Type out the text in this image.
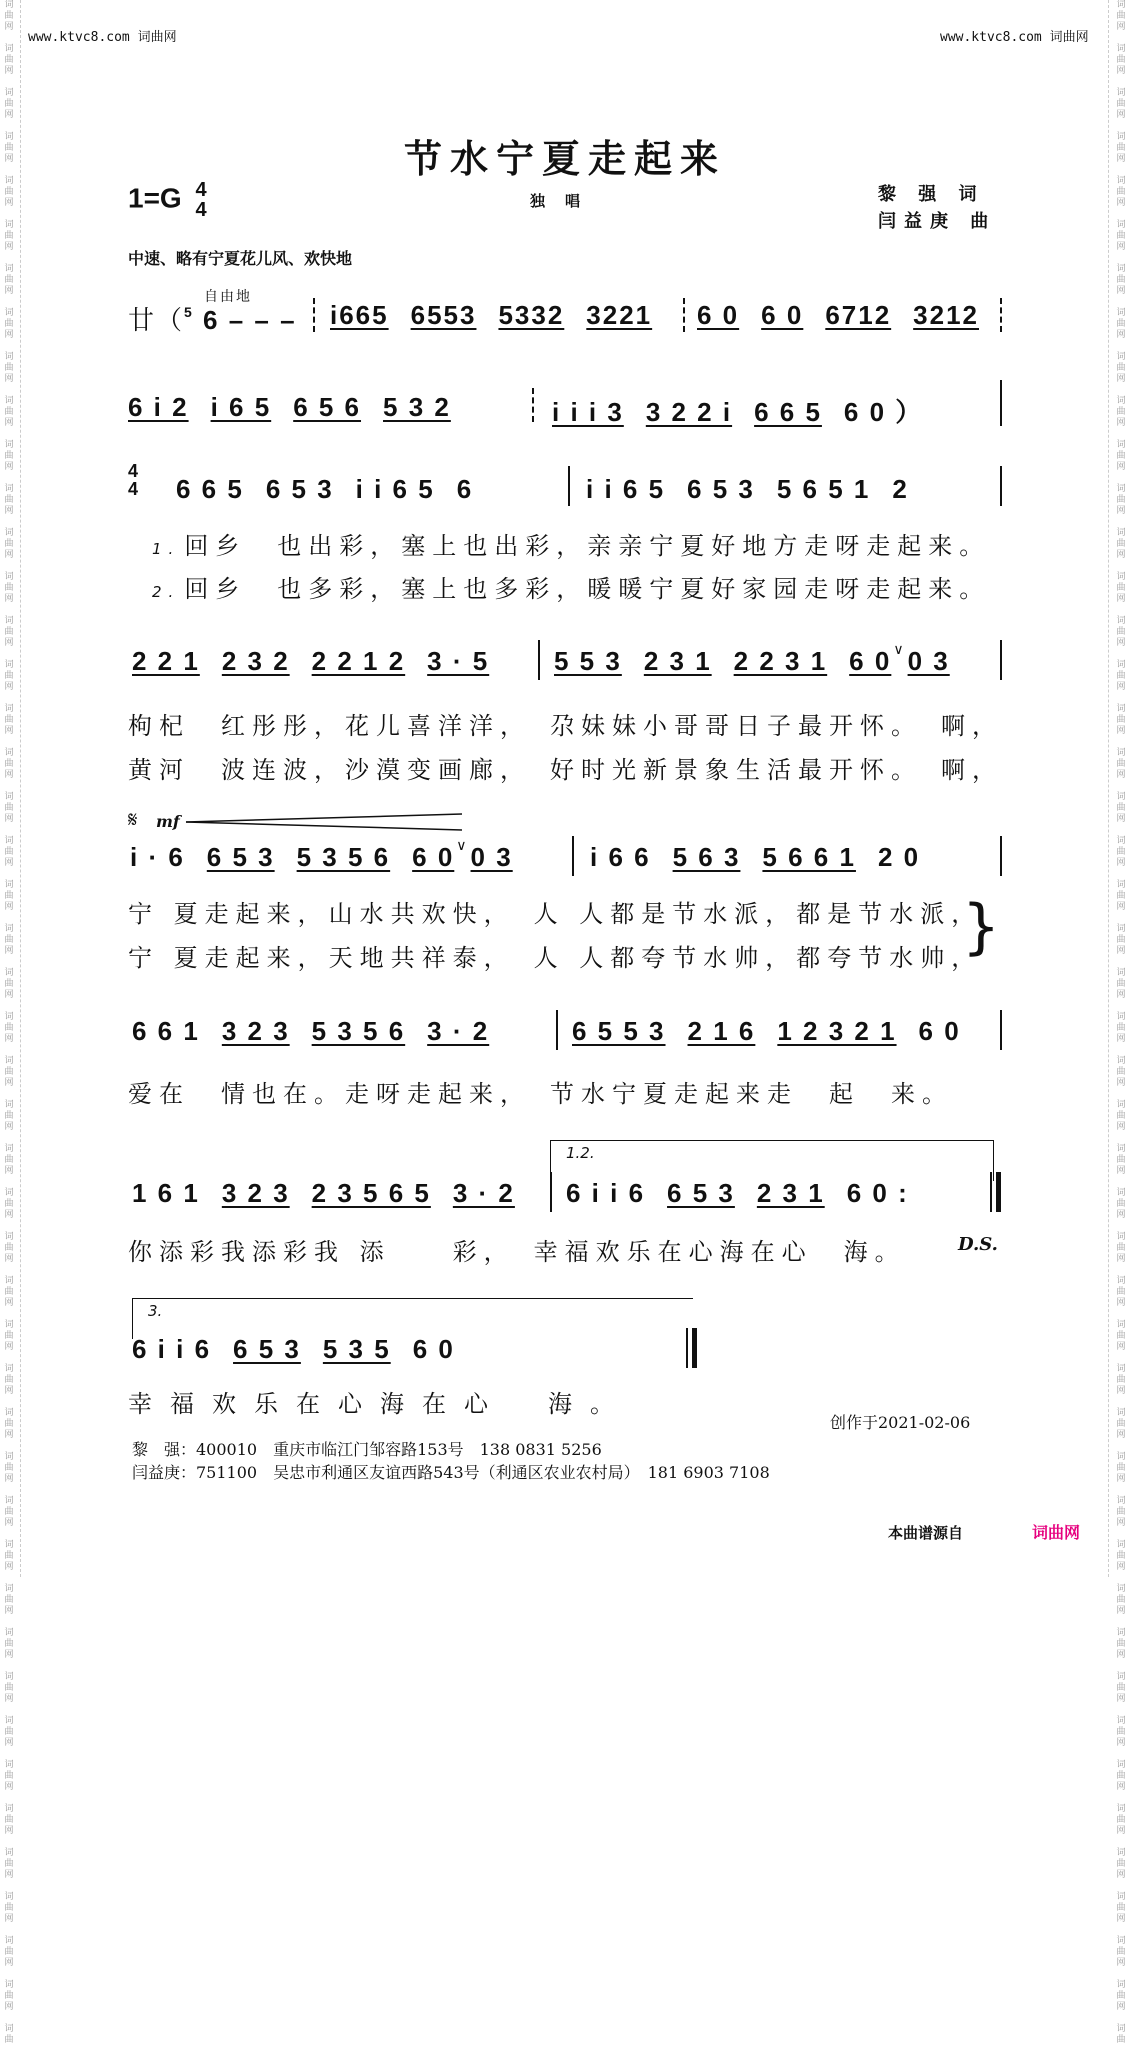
词
曲
网

词
曲
网

词
曲
网

词
曲
网

词
曲
网

词
曲
网

词
曲
网

词
曲
网

词
曲
网

词
曲
网

词
曲
网

词
曲
网

词
曲
网

词
曲
网

词
曲
网

词
曲
网

词
曲
网

词
曲
网

词
曲
网

词
曲
网

词
曲
网

词
曲
网

词
曲
网

词
曲
网

词
曲
网

词
曲
网

词
曲
网

词
曲
网

词
曲
网

词
曲
网

词
曲
网

词
曲
网

词
曲
网

词
曲
网

词
曲
网

词
曲
网

词
曲
网

词
曲
网

词
曲
网

词
曲
网

词
曲
网

词
曲
网

词
曲
网

词
曲
网

词
曲
网

词
曲
网

词
曲

词
曲
网

词
曲
网

词
曲
网

词
曲
网

词
曲
网

词
曲
网

词
曲
网

词
曲
网

词
曲
网

词
曲
网

词
曲
网

词
曲
网

词
曲
网

词
曲
网

词
曲
网

词
曲
网

词
曲
网

词
曲
网

词
曲
网

词
曲
网

词
曲
网

词
曲
网

词
曲
网

词
曲
网

词
曲
网

词
曲
网

词
曲
网

词
曲
网

词
曲
网

词
曲
网

词
曲
网

词
曲
网

词
曲
网

词
曲
网

词
曲
网

词
曲
网

词
曲
网

词
曲
网

词
曲
网

词
曲
网

词
曲
网

词
曲
网

词
曲
网

词
曲
网

词
曲
网

词
曲
网

词
曲

www.ktvc8.com 词曲网	www.ktvc8.com 词曲网
节水宁夏走起来
1=G 4
4	独唱	黎 强 词
闫益庚 曲
中速、略有宁夏花儿风、欢快地
廿（$^5$
自由地
6 – – – i665 6553 5332 3221 6 0 6 0 6712 3212
6 i 2 i 6 5 6 5 6 5 3 2	i i i 3 3 2 2 i 6 6 5 6 0 ）
4
4 6 6 5 6 5 3 i i 6 5 6	i i 6 5 6 5 3 5 6 5 1 2
1. 回乡　也出彩，塞上也出彩，亲亲宁夏好地方走呀走起来。
2. 回乡　也多彩，塞上也多彩，暖暖宁夏好家园走呀走起来。
2 2 1 2 3 2 2 2 1 2 3 · 5 5 5 3 2 3 1 2 2 3 1 6 0 ∨0 3
枸杞　红彤彤，花儿喜洋洋，　尕妹妹小哥哥日子最开怀。　啊，
黄河　波连波，沙漠变画廊，　好时光新景象生活最开怀。　啊，
𝄋 mf
i · 6 6 5 3 5 3 5 6 6 0 ∨0 3	i 6 6 5 6 3 5 6 6 1 2 0
宁 夏走起来，山水共欢快，　人 人都是节水派，都是节水派，
宁 夏走起来，天地共祥泰，　人 人都夸节水帅，都夸节水帅，
}
6 6 1 3 2 3 5 3 5 6 3 · 2	6 5 5 3 2 1 6 1 2 3 2 1 6 0
爱在　情也在。走呀走起来，　节水宁夏走起来走　起　来。
1.2.
1 6 1 3 2 3 2 3 5 6 5 3 · 2 6 i i 6 6 5 3 2 3 1 6 0 :
你添彩我添彩我 添　　彩，　幸福欢乐在心海在心　海。	D.S.
3.
6 i i 6 6 5 3 5 3 5 6 0
幸福欢乐在心海在心　海。
创作于2021-02-06
黎　强：400010　重庆市临江门邹容路153号　138 0831 5256
闫益庚：751100　吴忠市利通区友谊西路543号（利通区农业农村局）　181 6903 7108
本曲谱源自	词曲网
